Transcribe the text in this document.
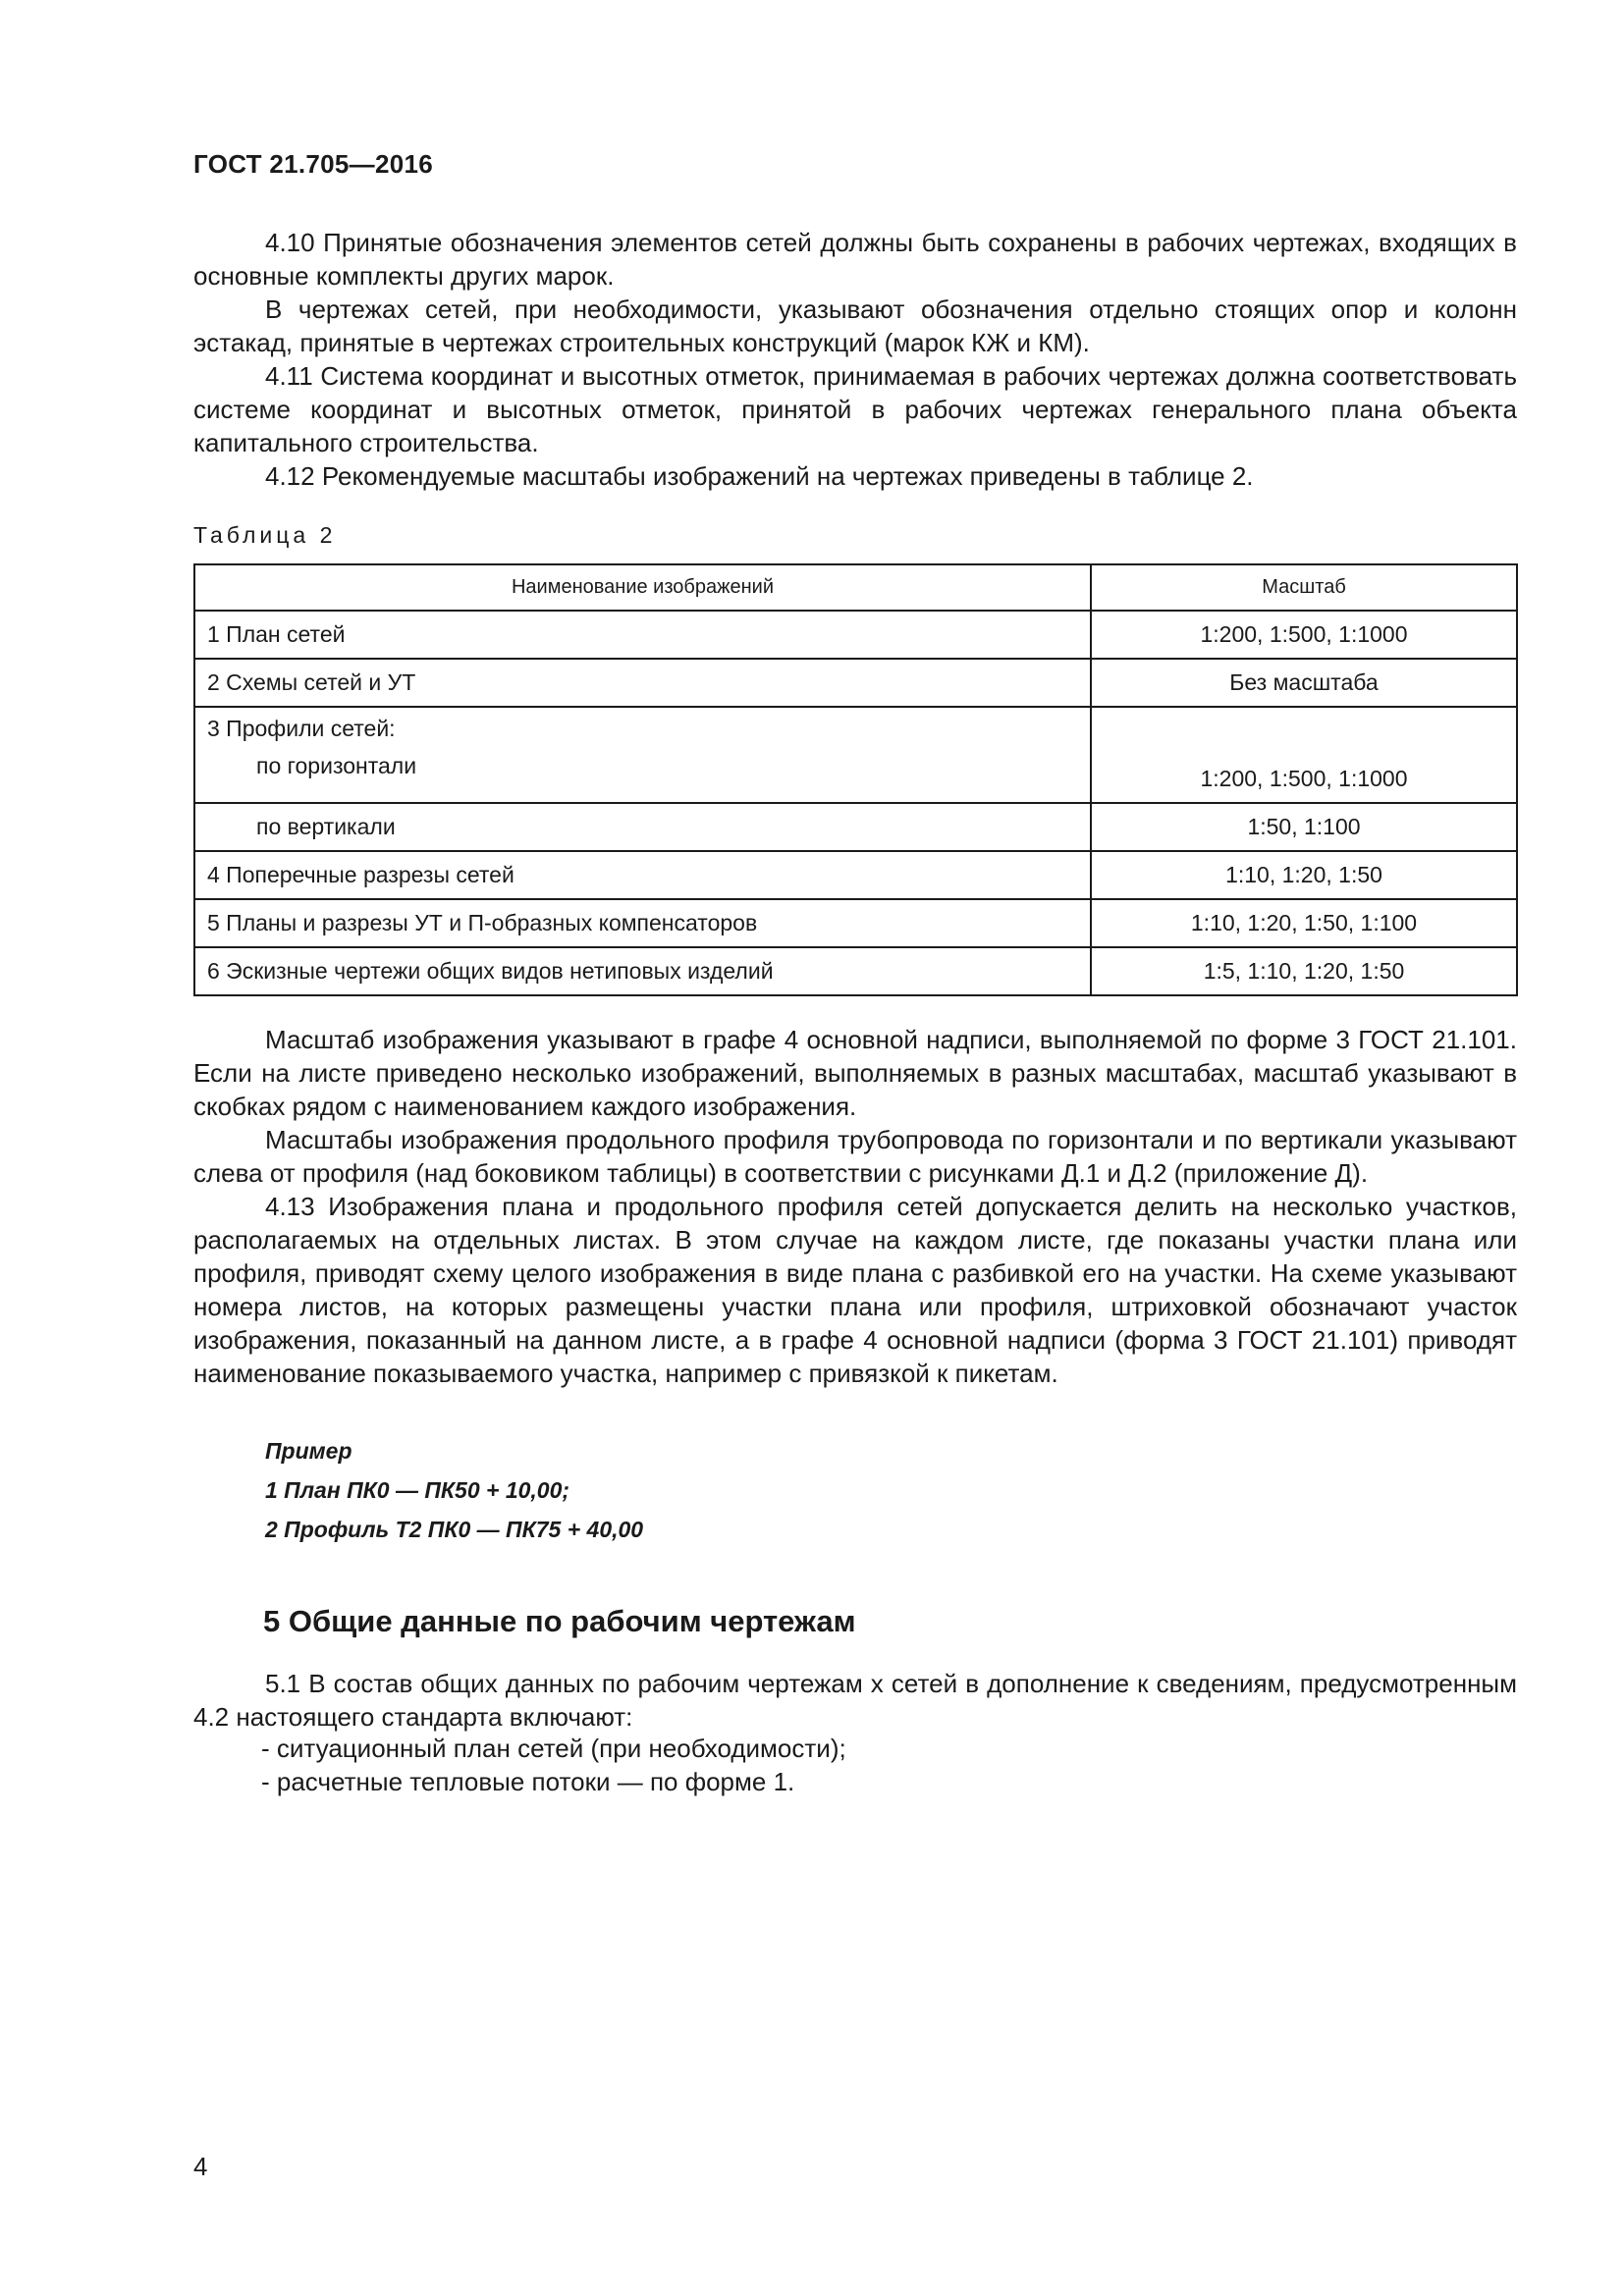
ГОСТ 21.705—2016

4.10 Принятые обозначения элементов сетей должны быть сохранены в рабочих чертежах, входящих в основные комплекты других марок.

В чертежах сетей, при необходимости, указывают обозначения отдельно стоящих опор и колонн эстакад, принятые в чертежах строительных конструкций (марок КЖ и КМ).

4.11 Система координат и высотных отметок, принимаемая в рабочих чертежах должна соответствовать системе координат и высотных отметок, принятой в рабочих чертежах генерального плана объекта капитального строительства.

4.12 Рекомендуемые масштабы изображений на чертежах приведены в таблице 2.

Таблица 2
Наименование изображений	Масштаб
1 План сетей	1:200, 1:500, 1:1000
2 Схемы сетей и УТ	Без масштаба

3 Профили сетей:
по горизонтали	1:200, 1:500, 1:1000
по вертикали	1:50, 1:100
4 Поперечные разрезы сетей	1:10, 1:20, 1:50
5 Планы и разрезы УТ и П-образных компенсаторов	1:10, 1:20, 1:50, 1:100
6 Эскизные чертежи общих видов нетиповых изделий	1:5, 1:10, 1:20, 1:50

Масштаб изображения указывают в графе 4 основной надписи, выполняемой по форме 3 ГОСТ 21.101. Если на листе приведено несколько изображений, выполняемых в разных масштабах, масштаб указывают в скобках рядом с наименованием каждого изображения.

Масштабы изображения продольного профиля трубопровода по горизонтали и по вертикали указывают слева от профиля (над боковиком таблицы) в соответствии с рисунками Д.1 и Д.2 (приложение Д).

4.13 Изображения плана и продольного профиля сетей допускается делить на несколько участков, располагаемых на отдельных листах. В этом случае на каждом листе, где показаны участки плана или профиля, приводят схему целого изображения в виде плана с разбивкой его на участки. На схеме указывают номера листов, на которых размещены участки плана или профиля, штриховкой обозначают участок изображения, показанный на данном листе, а в графе 4 основной надписи (форма 3 ГОСТ 21.101) приводят наименование показываемого участка, например с привязкой к пикетам.

Пример
1 План ПК0 — ПК50 + 10,00;
2 Профиль Т2 ПК0 — ПК75 + 40,00
5 Общие данные по рабочим чертежам

5.1 В состав общих данных по рабочим чертежам х сетей в дополнение к сведениям, предусмотренным 4.2 настоящего стандарта включают:

- ситуационный план сетей (при необходимости);
- расчетные тепловые потоки — по форме 1.
4
